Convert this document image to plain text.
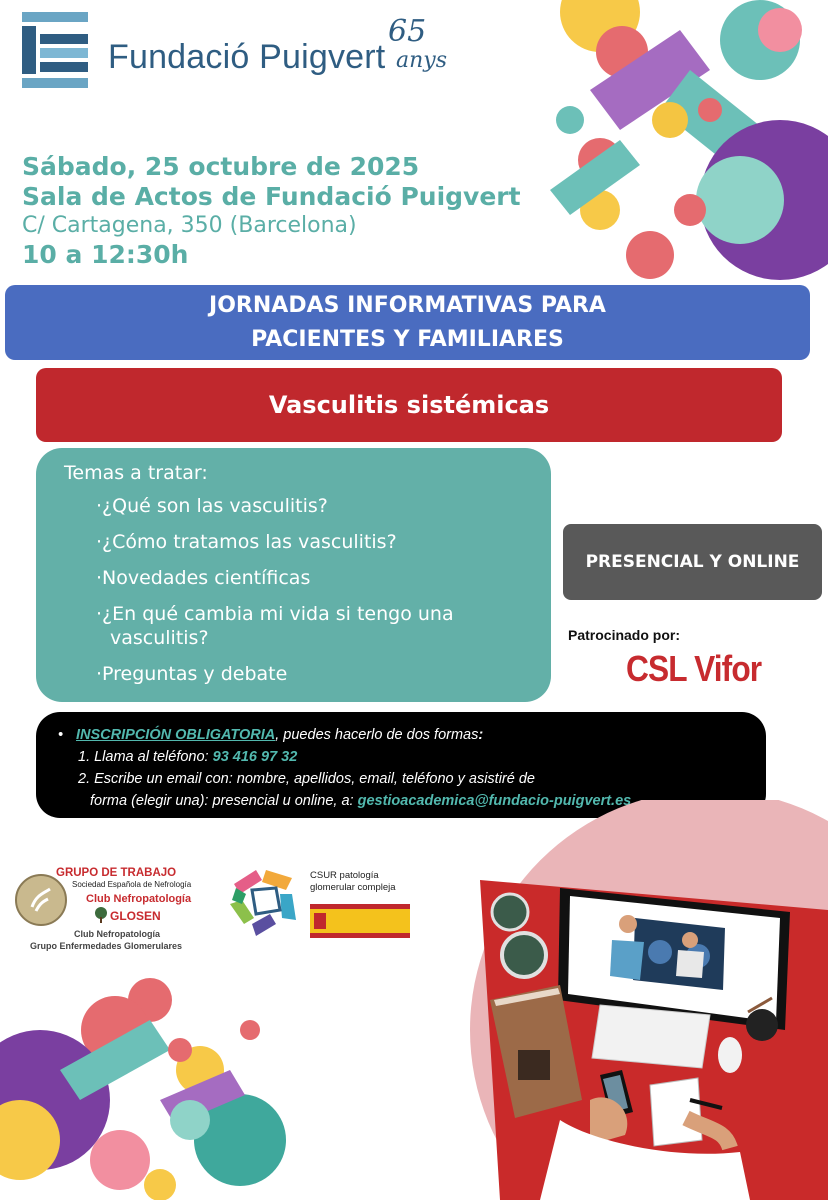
Fundació Puigvert
65
anys
Sábado, 25 octubre de 2025
Sala de Actos de Fundació Puigvert
C/ Cartagena, 350 (Barcelona)
10 a 12:30h
JORNADAS INFORMATIVAS PARA
PACIENTES Y FAMILIARES
Vasculitis sistémicas
Temas a tratar:
·¿Qué son las vasculitis?
·¿Cómo tratamos las vasculitis?
·Novedades científicas
·¿En qué cambia mi vida si tengo una
vasculitis?
·Preguntas y debate
PRESENCIAL Y ONLINE
Patrocinado por:
CSL Vifor
• INSCRIPCIÓN OBLIGATORIA, puedes hacerlo de dos formas:
1. Llama al teléfono: 93 416 97 32
2. Escribe un email con: nombre, apellidos, email, teléfono y asistiré de
forma (elegir una): presencial u online, a: gestioacademica@fundacio-puigvert.es
GRUPO DE TRABAJO
Sociedad Española de Nefrología
Club Nefropatología
GLOSEN
Club Nefropatología
Grupo Enfermedades Glomerulares
CSUR patología
glomerular compleja
